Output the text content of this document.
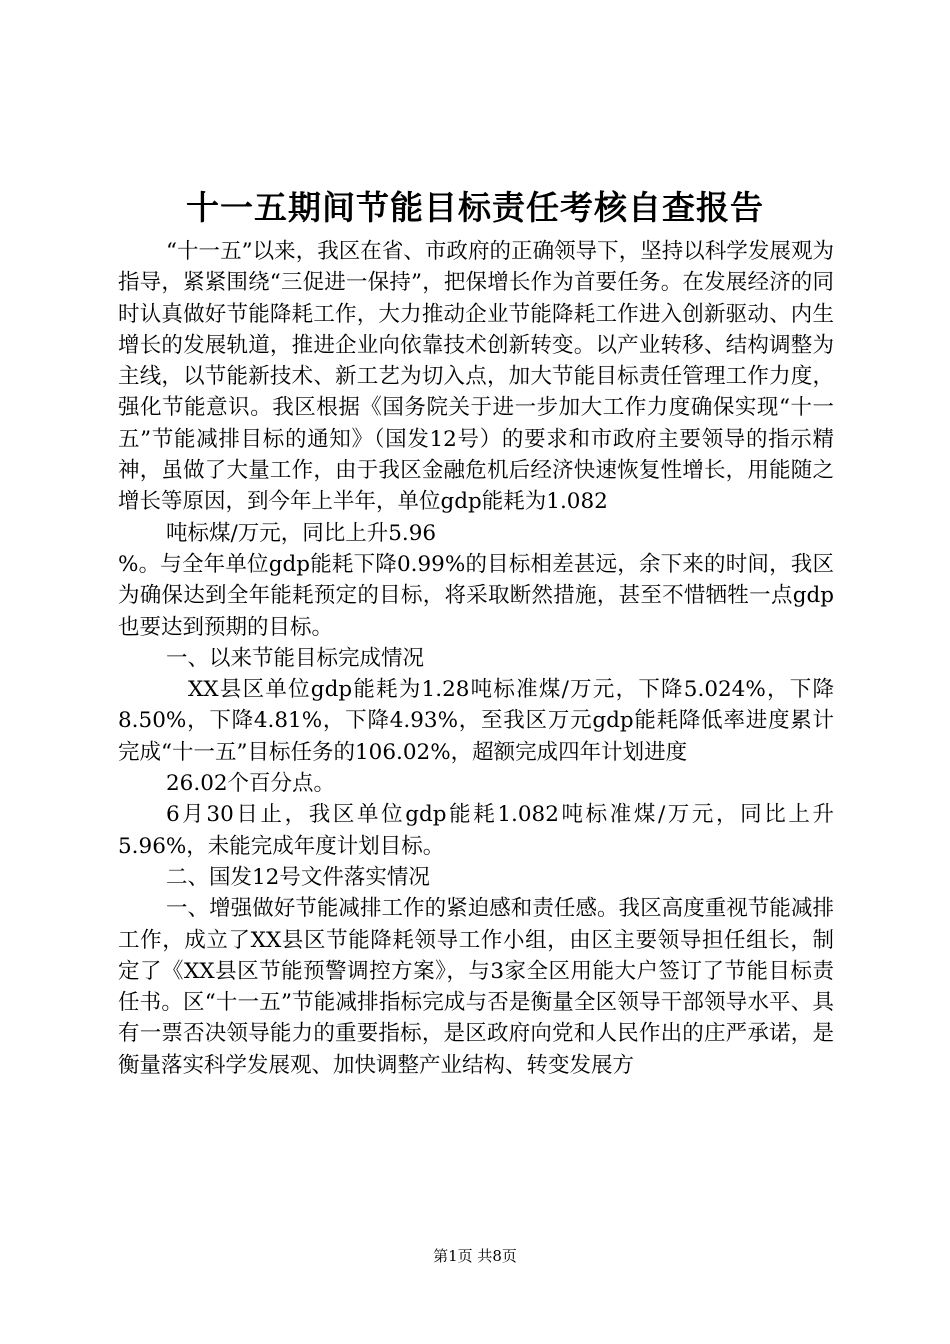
十一五期间节能目标责任考核自查报告

“十一五”以来，我区在省、市政府的正确领导下，坚持以科学发展观为指导，紧紧围绕“三促进一保持”，把保增长作为首要任务。在发展经济的同时认真做好节能降耗工作，大力推动企业节能降耗工作进入创新驱动、内生增长的发展轨道，推进企业向依靠技术创新转变。以产业转移、结构调整为主线，以节能新技术、新工艺为切入点，加大节能目标责任管理工作力度，强化节能意识。我区根据《国务院关于进一步加大工作力度确保实现“十一五”节能减排目标的通知》（国发12号）的要求和市政府主要领导的指示精神，虽做了大量工作，由于我区金融危机后经济快速恢复性增长，用能随之增长等原因，到今年上半年，单位gdp能耗为1.082

吨标煤/万元，同比上升5.96

%。与全年单位gdp能耗下降0.99%的目标相差甚远，余下来的时间，我区为确保达到全年能耗预定的目标，将采取断然措施，甚至不惜牺牲一点gdp也要达到预期的目标。

一、以来节能目标完成情况

XX县区单位gdp能耗为1.28吨标准煤/万元，下降5.024%，下降8.50%，下降4.81%，下降4.93%，至我区万元gdp能耗降低率进度累计完成“十一五”目标任务的106.02%，超额完成四年计划进度

26.02个百分点。

6月30日止，我区单位gdp能耗1.082吨标准煤/万元，同比上升5.96%，未能完成年度计划目标。

二、国发12号文件落实情况

一、增强做好节能减排工作的紧迫感和责任感。我区高度重视节能减排工作，成立了XX县区节能降耗领导工作小组，由区主要领导担任组长，制定了《XX县区节能预警调控方案》，与3家全区用能大户签订了节能目标责任书。区“十一五”节能减排指标完成与否是衡量全区领导干部领导水平、具有一票否决领导能力的重要指标，是区政府向党和人民作出的庄严承诺，是衡量落实科学发展观、加快调整产业结构、转变发展方

第1页 共8页
